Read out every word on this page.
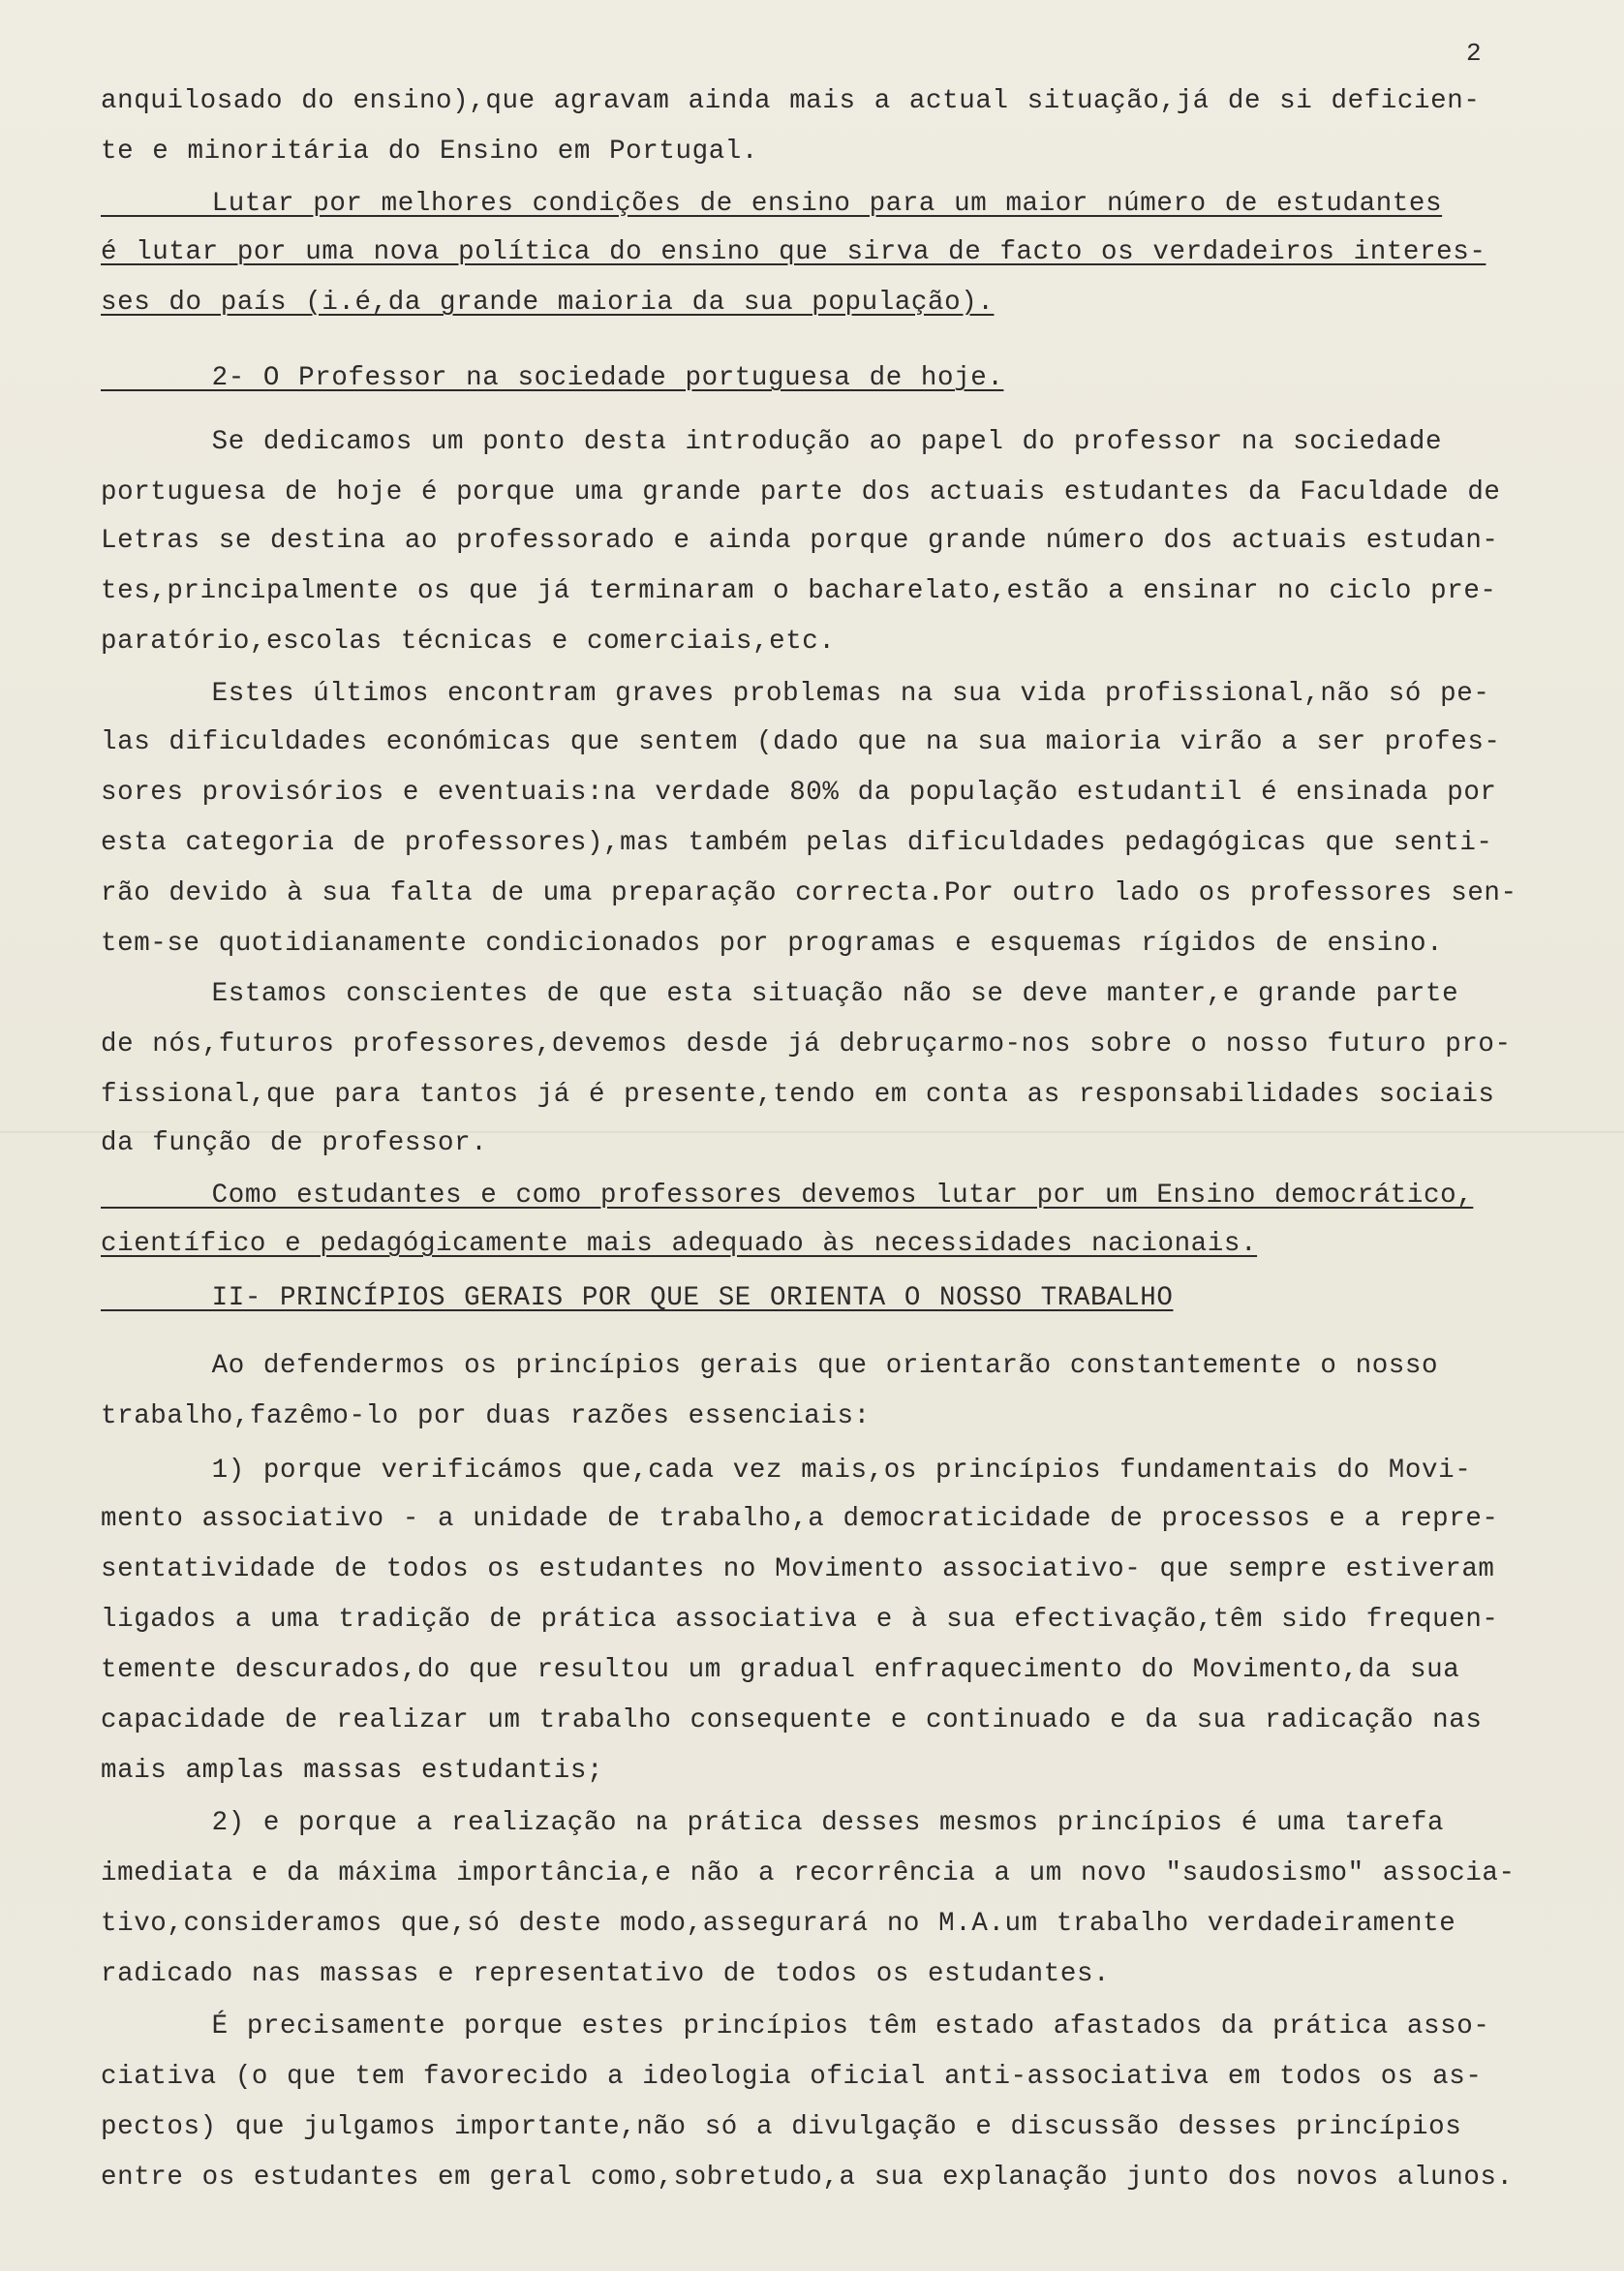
2
anquilosado do ensino),que agravam ainda mais a actual situação,já de si deficien-
te e minoritária do Ensino em Portugal.
Lutar por melhores condições de ensino para um maior número de estudantes
é lutar por uma nova política do ensino que sirva de facto os verdadeiros interes-
ses do país (i.é,da grande maioria da sua população).
2- O Professor na sociedade portuguesa de hoje.
Se dedicamos um ponto desta introdução ao papel do professor na sociedade
portuguesa de hoje é porque uma grande parte dos actuais estudantes da Faculdade de
Letras se destina ao professorado e ainda porque grande número dos actuais estudan-
tes,principalmente os que já terminaram o bacharelato,estão a ensinar no ciclo pre-
paratório,escolas técnicas e comerciais,etc.
Estes últimos encontram graves problemas na sua vida profissional,não só pe-
las dificuldades económicas que sentem (dado que na sua maioria virão a ser profes-
sores provisórios e eventuais:na verdade 80% da população estudantil é ensinada por
esta categoria de professores),mas também pelas dificuldades pedagógicas que senti-
rão devido à sua falta de uma preparação correcta.Por outro lado os professores sen-
tem-se quotidianamente condicionados por programas e esquemas rígidos de ensino.
Estamos conscientes de que esta situação não se deve manter,e grande parte
de nós,futuros professores,devemos desde já debruçarmo-nos sobre o nosso futuro pro-
fissional,que para tantos já é presente,tendo em conta as responsabilidades sociais
da função de professor.
Como estudantes e como professores devemos lutar por um Ensino democrático,
científico e pedagógicamente mais adequado às necessidades nacionais.
II- PRINCÍPIOS GERAIS POR QUE SE ORIENTA O NOSSO TRABALHO
Ao defendermos os princípios gerais que orientarão constantemente o nosso
trabalho,fazêmo-lo por duas razões essenciais:
1) porque verificámos que,cada vez mais,os princípios fundamentais do Movi-
mento associativo - a unidade de trabalho,a democraticidade de processos e a repre-
sentatividade de todos os estudantes no Movimento associativo- que sempre estiveram
ligados a uma tradição de prática associativa e à sua efectivação,têm sido frequen-
temente descurados,do que resultou um gradual enfraquecimento do Movimento,da sua
capacidade de realizar um trabalho consequente e continuado e da sua radicação nas
mais amplas massas estudantis;
2) e porque a realização na prática desses mesmos princípios é uma tarefa
imediata e da máxima importância,e não a recorrência a um novo "saudosismo" associa-
tivo,consideramos que,só deste modo,assegurará no M.A.um trabalho verdadeiramente
radicado nas massas e representativo de todos os estudantes.
É precisamente porque estes princípios têm estado afastados da prática asso-
ciativa (o que tem favorecido a ideologia oficial anti-associativa em todos os as-
pectos) que julgamos importante,não só a divulgação e discussão desses princípios
entre os estudantes em geral como,sobretudo,a sua explanação junto dos novos alunos.
